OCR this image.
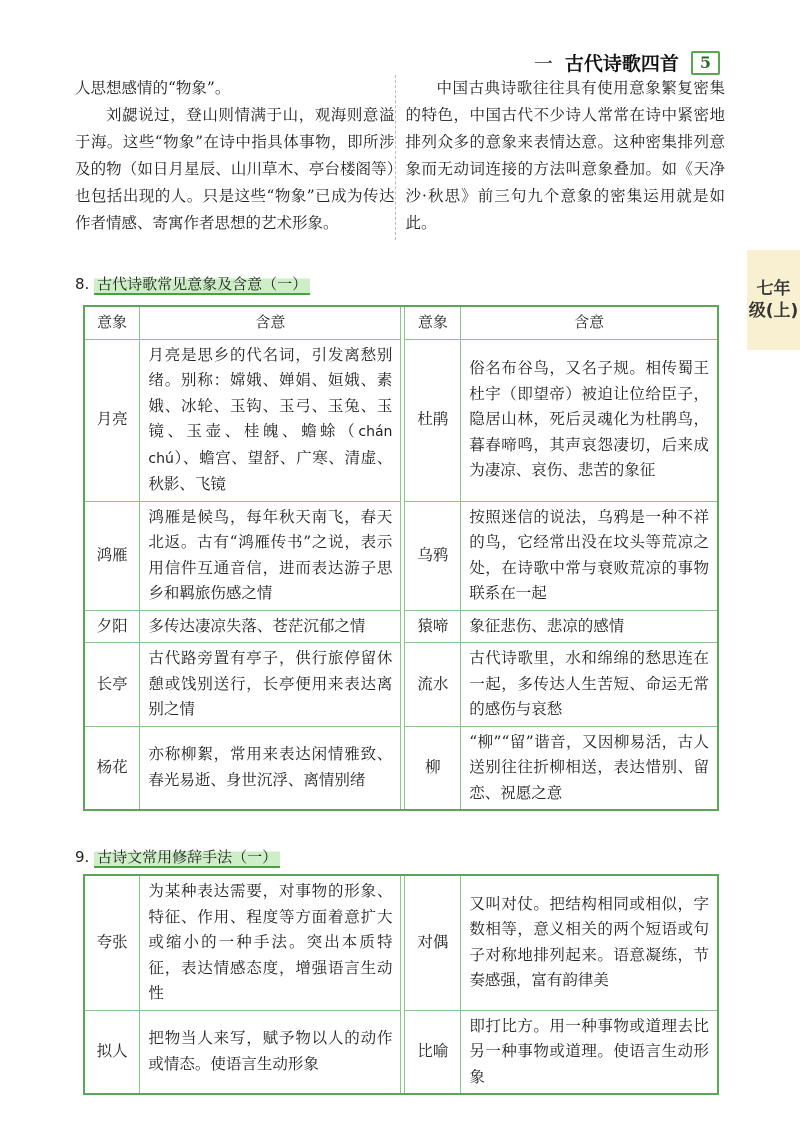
一 古代诗歌四首	5
七年
级(上)

人思想感情的“物象”。

刘勰说过，登山则情满于山，观海则意溢于海。这些“物象”在诗中指具体事物，即所涉及的物（如日月星辰、山川草木、亭台楼阁等）也包括出现的人。只是这些“物象”已成为传达作者情感、寄寓作者思想的艺术形象。

中国古典诗歌往往具有使用意象繁复密集的特色，中国古代不少诗人常常在诗中紧密地排列众多的意象来表情达意。这种密集排列意象而无动词连接的方法叫意象叠加。如《天净沙·秋思》前三句九个意象的密集运用就是如此。

8. 古代诗歌常见意象及含意（一）
意象	含意		意象	含意
月亮	月亮是思乡的代名词，引发离愁别绪。别称：嫦娥、婵娟、姮娥、素娥、冰轮、玉钩、玉弓、玉兔、玉镜、玉壶、桂魄、蟾蜍（chán chú）、蟾宫、望舒、广寒、清虚、秋影、飞镜		杜鹃	俗名布谷鸟，又名子规。相传蜀王杜宇（即望帝）被迫让位给臣子，隐居山林，死后灵魂化为杜鹃鸟，暮春啼鸣，其声哀怨凄切，后来成为凄凉、哀伤、悲苦的象征
鸿雁	鸿雁是候鸟，每年秋天南飞，春天北返。古有“鸿雁传书”之说，表示用信件互通音信，进而表达游子思乡和羁旅伤感之情		乌鸦	按照迷信的说法，乌鸦是一种不祥的鸟，它经常出没在坟头等荒凉之处，在诗歌中常与衰败荒凉的事物联系在一起
夕阳	多传达凄凉失落、苍茫沉郁之情		猿啼	象征悲伤、悲凉的感情
长亭	古代路旁置有亭子，供行旅停留休憩或饯别送行，长亭便用来表达离别之情		流水	古代诗歌里，水和绵绵的愁思连在一起，多传达人生苦短、命运无常的感伤与哀愁
杨花	亦称柳絮，常用来表达闲情雅致、春光易逝、身世沉浮、离情别绪		柳	“柳”“留”谐音，又因柳易活，古人送别往往折柳相送，表达惜别、留恋、祝愿之意
9. 古诗文常用修辞手法（一）
夸张	为某种表达需要，对事物的形象、特征、作用、程度等方面着意扩大或缩小的一种手法。突出本质特征，表达情感态度，增强语言生动性		对偶	又叫对仗。把结构相同或相似，字数相等，意义相关的两个短语或句子对称地排列起来。语意凝练，节奏感强，富有韵律美
拟人	把物当人来写，赋予物以人的动作或情态。使语言生动形象		比喻	即打比方。用一种事物或道理去比另一种事物或道理。使语言生动形象
